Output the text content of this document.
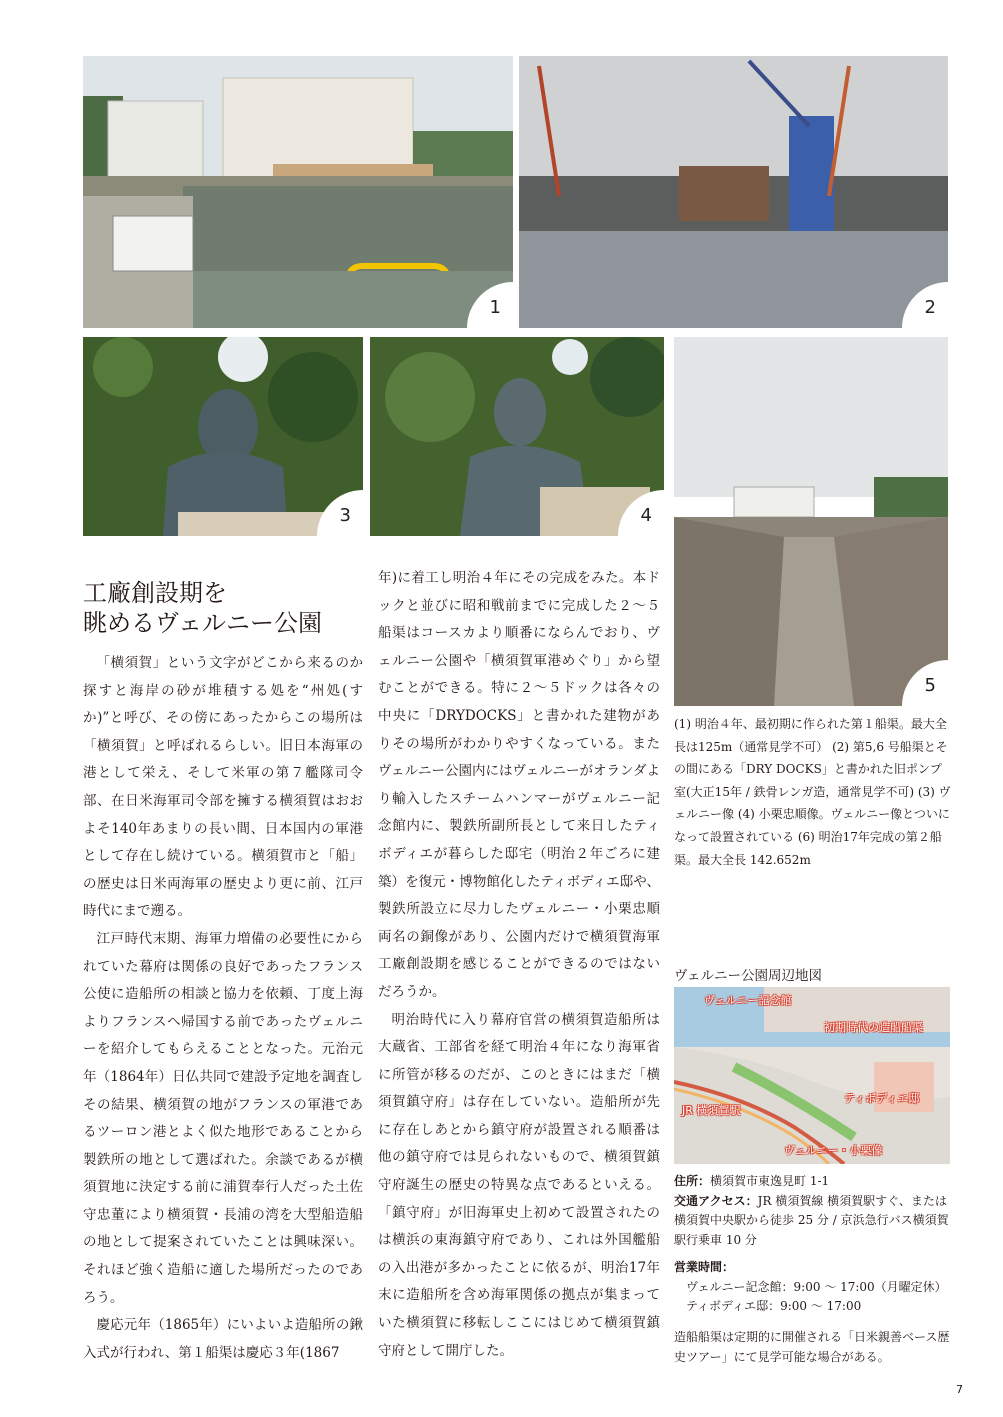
1	2
3	4
5
工廠創設期を
眺めるヴェルニー公園

「横須賀」という文字がどこから来るのか探すと海岸の砂が堆積する処を“州処(すか)”と呼び、その傍にあったからこの場所は「横須賀」と呼ばれるらしい。旧日本海軍の港として栄え、そして米軍の第７艦隊司令部、在日米海軍司令部を擁する横須賀はおおよそ140年あまりの長い間、日本国内の軍港として存在し続けている。横須賀市と「船」の歴史は日米両海軍の歴史より更に前、江戸時代にまで遡る。

江戸時代末期、海軍力増備の必要性にかられていた幕府は関係の良好であったフランス公使に造船所の相談と協力を依頼、丁度上海よりフランスへ帰国する前であったヴェルニーを紹介してもらえることとなった。元治元年（1864年）日仏共同で建設予定地を調査しその結果、横須賀の地がフランスの軍港であるツーロン港とよく似た地形であることから製鉄所の地として選ばれた。余談であるが横須賀地に決定する前に浦賀奉行人だった土佐守忠董により横須賀・長浦の湾を大型船造船の地として提案されていたことは興味深い。それほど強く造船に適した場所だったのであろう。

慶応元年（1865年）にいよいよ造船所の鍬入式が行われ、第１船渠は慶応３年(1867

年)に着工し明治４年にその完成をみた。本ドックと並びに昭和戦前までに完成した２～５船渠はコースカより順番にならんでおり、ヴェルニー公園や「横須賀軍港めぐり」から望むことができる。特に２～５ドックは各々の中央に「DRYDOCKS」と書かれた建物がありその場所がわかりやすくなっている。またヴェルニー公園内にはヴェルニーがオランダより輸入したスチームハンマーがヴェルニー記念館内に、製鉄所副所長として来日したティボディエが暮らした邸宅（明治２年ごろに建築）を復元・博物館化したティボディエ邸や、製鉄所設立に尽力したヴェルニー・小栗忠順両名の銅像があり、公園内だけで横須賀海軍工廠創設期を感じることができるのではないだろうか。

明治時代に入り幕府官営の横須賀造船所は大蔵省、工部省を経て明治４年になり海軍省に所管が移るのだが、このときにはまだ「横須賀鎮守府」は存在していない。造船所が先に存在しあとから鎮守府が設置される順番は他の鎮守府では見られないもので、横須賀鎮守府誕生の歴史の特異な点であるといえる。「鎮守府」が旧海軍史上初めて設置されたのは横浜の東海鎮守府であり、これは外国艦船の入出港が多かったことに依るが、明治17年末に造船所を含め海軍関係の拠点が集まっていた横須賀に移転しここにはじめて横須賀鎮守府として開庁した。

(1) 明治４年、最初期に作られた第１船渠。最大全長は125m（通常見学不可） (2) 第5,6 号船渠とその間にある「DRY DOCKS」と書かれた旧ポンプ室(大正15年 / 鉄骨レンガ造，通常見学不可) (3) ヴェルニー像 (4) 小栗忠順像。ヴェルニー像とついになって設置されている (6) 明治17年完成の第２船渠。最大全長 142.652m

ヴェルニー公園周辺地図

ヴェルニー記念館
初期時代の造船船渠
ティボディエ邸
JR 横須賀駅
ヴェルニー・小栗像
住所：横須賀市東逸見町 1-1
交通アクセス：JR 横須賀線 横須賀駅すぐ、または横須賀中央駅から徒歩 25 分 / 京浜急行バス横須賀駅行乗車 10 分
営業時間：
ヴェルニー記念館：9:00 ～ 17:00（月曜定休）
ティボディエ邸：9:00 ～ 17:00

造船船渠は定期的に開催される「日米親善ベース歴史ツアー」にて見学可能な場合がある。

7
